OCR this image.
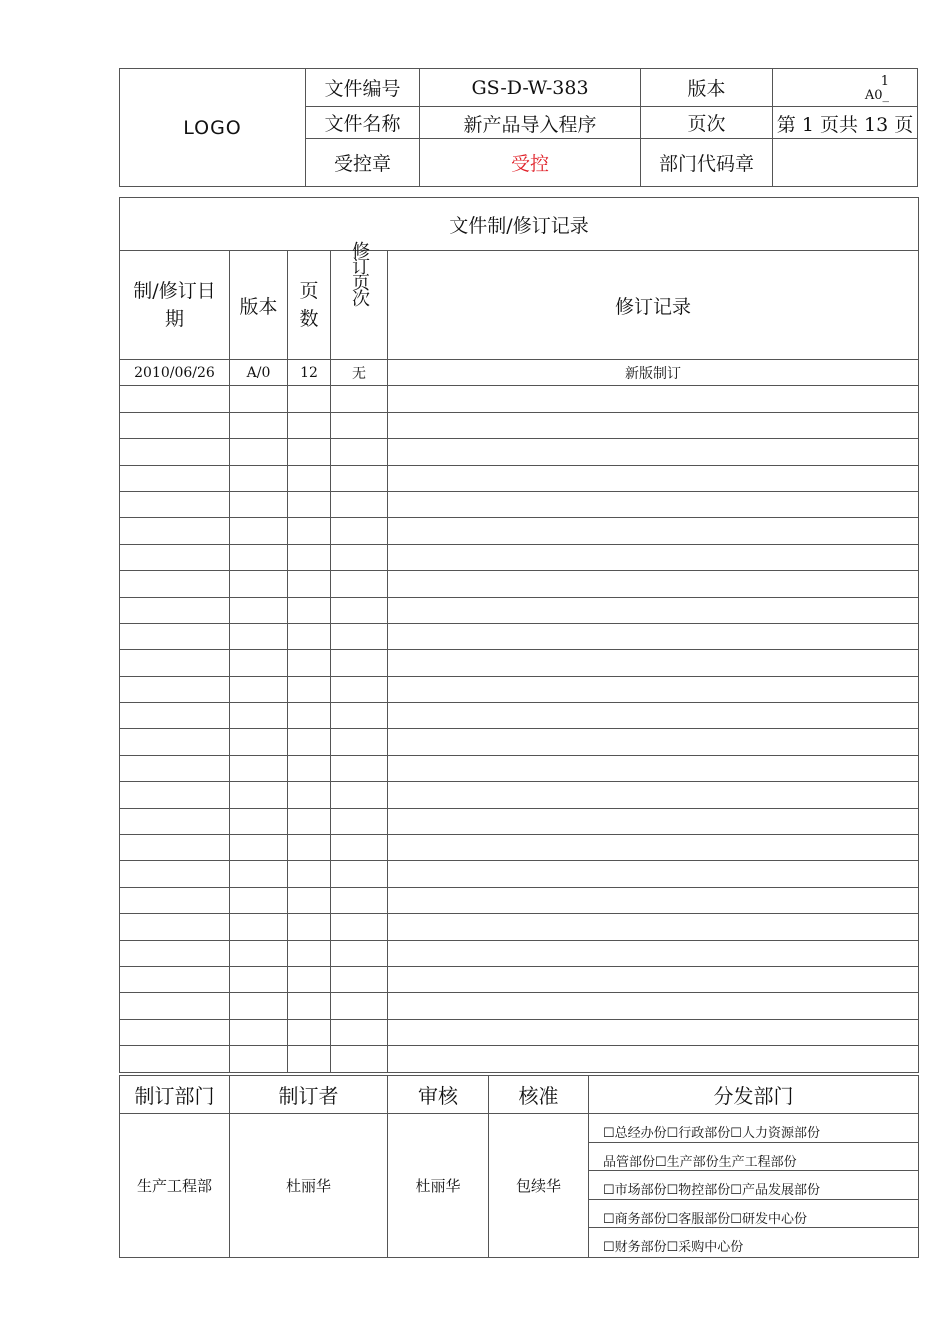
LOGO
文件编号	GS-D-W-383	版本	1
A0_
文件名称	新产品导入程序	页次	第 1 页共 13 页
受控章	受控	部门代码章
文件制/修订记录				
制/修订日期	版本	页数	修订页次	修订记录
2010/06/26	A/0	12	无	新版制订

制订部门	制订者	审核	核准	分发部门
生产工程部	杜丽华	杜丽华	包续华	☐总经办份☐行政部份☐人力资源部份
品管部份☐生产部份生产工程部份
☐市场部份☐物控部份☐产品发展部份
☐商务部份☐客服部份☐研发中心份
☐财务部份☐采购中心份
